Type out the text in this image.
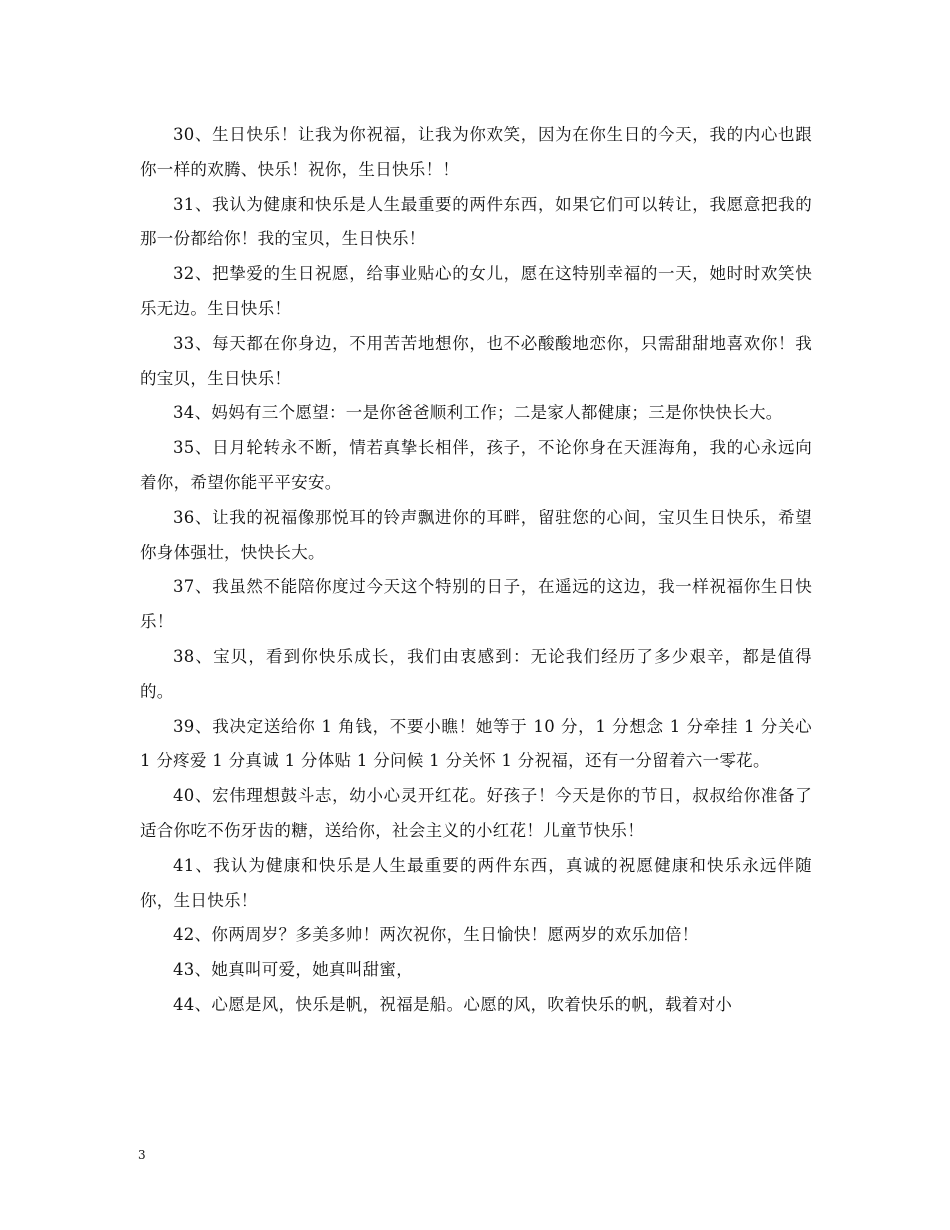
30、生日快乐！让我为你祝福，让我为你欢笑，因为在你生日的今天，我的内心也跟你一样的欢腾、快乐！祝你，生日快乐！！

31、我认为健康和快乐是人生最重要的两件东西，如果它们可以转让，我愿意把我的那一份都给你！我的宝贝，生日快乐！

32、把挚爱的生日祝愿，给事业贴心的女儿，愿在这特别幸福的一天，她时时欢笑快乐无边。生日快乐！

33、每天都在你身边，不用苦苦地想你，也不必酸酸地恋你，只需甜甜地喜欢你！我的宝贝，生日快乐！

34、妈妈有三个愿望：一是你爸爸顺利工作；二是家人都健康；三是你快快长大。

35、日月轮转永不断，情若真挚长相伴，孩子，不论你身在天涯海角，我的心永远向着你，希望你能平平安安。

36、让我的祝福像那悦耳的铃声飘进你的耳畔，留驻您的心间，宝贝生日快乐，希望你身体强壮，快快长大。

37、我虽然不能陪你度过今天这个特别的日子，在遥远的这边，我一样祝福你生日快乐！

38、宝贝，看到你快乐成长，我们由衷感到：无论我们经历了多少艰辛，都是值得的。

39、我决定送给你 1 角钱，不要小瞧！她等于 10 分，1 分想念 1 分牵挂 1 分关心 1 分疼爱 1 分真诚 1 分体贴 1 分问候 1 分关怀 1 分祝福，还有一分留着六一零花。

40、宏伟理想鼓斗志，幼小心灵开红花。好孩子！今天是你的节日，叔叔给你准备了适合你吃不伤牙齿的糖，送给你，社会主义的小红花！儿童节快乐！

41、我认为健康和快乐是人生最重要的两件东西，真诚的祝愿健康和快乐永远伴随你，生日快乐！

42、你两周岁？多美多帅！两次祝你，生日愉快！愿两岁的欢乐加倍！

43、她真叫可爱，她真叫甜蜜，

44、心愿是风，快乐是帆，祝福是船。心愿的风，吹着快乐的帆，载着对小

3
